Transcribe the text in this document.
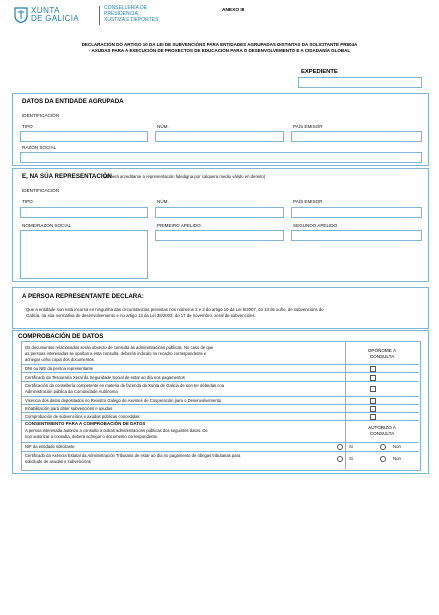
XUNTA
DE GALICIA
CONSELLERÍA DE
PRESIDENCIA,
XUSTIZA E DEPORTES
ANEXO III
DECLARACIÓN DO ARTIGO 10 DA LEI DE SUBVENCIÓNS PARA ENTIDADES AGRUPADAS DISTINTAS DA SOLICITANTE PR804A
- AXUDAS PARA A EXECUCIÓN DE PROXECTOS DE EDUCACIÓN PARA O DESENVOLVEMENTO E A CIDADANÍA GLOBAL
EXPEDIENTE
DATOS DA ENTIDADE AGRUPADA
IDENTIFICACIÓN
TIPO	NÚM.	PAÍS EMISOR
RAZÓN SOCIAL
E, NA SÚA REPRESENTACIÓN
(deberá acreditarse a representación fidedigna por calquera medio válido en dereito)
IDENTIFICACIÓN
TIPO	NÚM.	PAÍS EMISOR
NOME/RAZÓN SOCIAL	PRIMEIRO APELIDO	SEGUNDO APELIDO
A PERSOA REPRESENTANTE DECLARA:
Que a entidade non está incursa en ningunha das circunstancias previstas nos números 2 e 3 do artigo 10 da Lei 9/2007, do 13 de xuño, de subvencións de
Galicia, na súa normativa de desenvolvemento e no artigo 13 da Lei 38/2003, do 17 de novembro, xeral de subvencións.
COMPROBACIÓN DE DATOS
Os documentos relacionados serán obxecto de consulta ás administracións públicas. No caso de que
as persoas interesadas se opoñan a esta consulta, deberán indicalo no recadro correspondente e
achegar unha copia dos documentos.
OPÓÑOME Á
CONSULTA
DNI ou NIE da persoa representante
Certificado da Tesouraría Xeral da Seguridade Social de estar ao día nos pagamentos
Certificación da consellería competente en materia de facenda da Xunta de Galicia de non ter débedas coa
Administración pública da Comunidade Autónoma
Vixencia dos datos depositados no Rexistro Galego de Axentes de Cooperación para o Desenvolvemento
Inhabilitación para obter subvencións e axudas
Comprobación de subvencións e axudas públicas concedidas
CONSENTIMENTO PARA A COMPROBACIÓN DE DATOS
A persoa interesada autoriza a consulta a outras administracións públicas dos seguintes datos. De
non autorizar a consulta, deberá achegar o documento correspondente.
AUTORIZO A
CONSULTA
NIF da entidade solicitante	Si	Non
Certificado da Axencia Estatal da Administración Tributaria de estar ao día no pagamento de obrigas tributarias para
solicitude de axudas e subvencións
Si	Non
